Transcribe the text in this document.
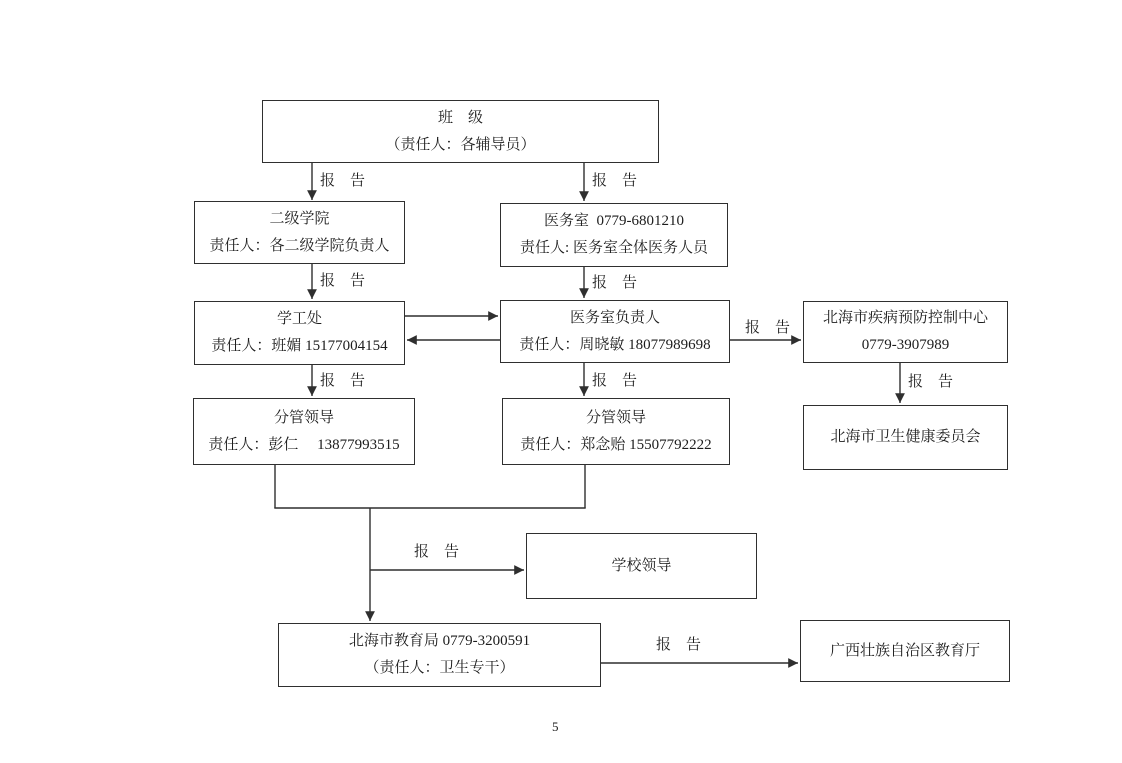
班　级
（责任人：各辅导员）
二级学院
责任人：各二级学院负责人
医务室  0779-6801210
责任人: 医务室全体医务人员
学工处
责任人：班媚 15177004154
医务室负责人
责任人：周晓敏 18077989698
北海市疾病预防控制中心
0779-3907989
分管领导
责任人：彭仁　 13877993515
分管领导
责任人：郑念贻 15507792222	北海市卫生健康委员会
学校领导
北海市教育局 0779-3200591
（责任人：卫生专干）
广西壮族自治区教育厅
报　告	报　告
报　告	报　告
报　告	报　告
报　告
报　告
报　告
报　告
5
